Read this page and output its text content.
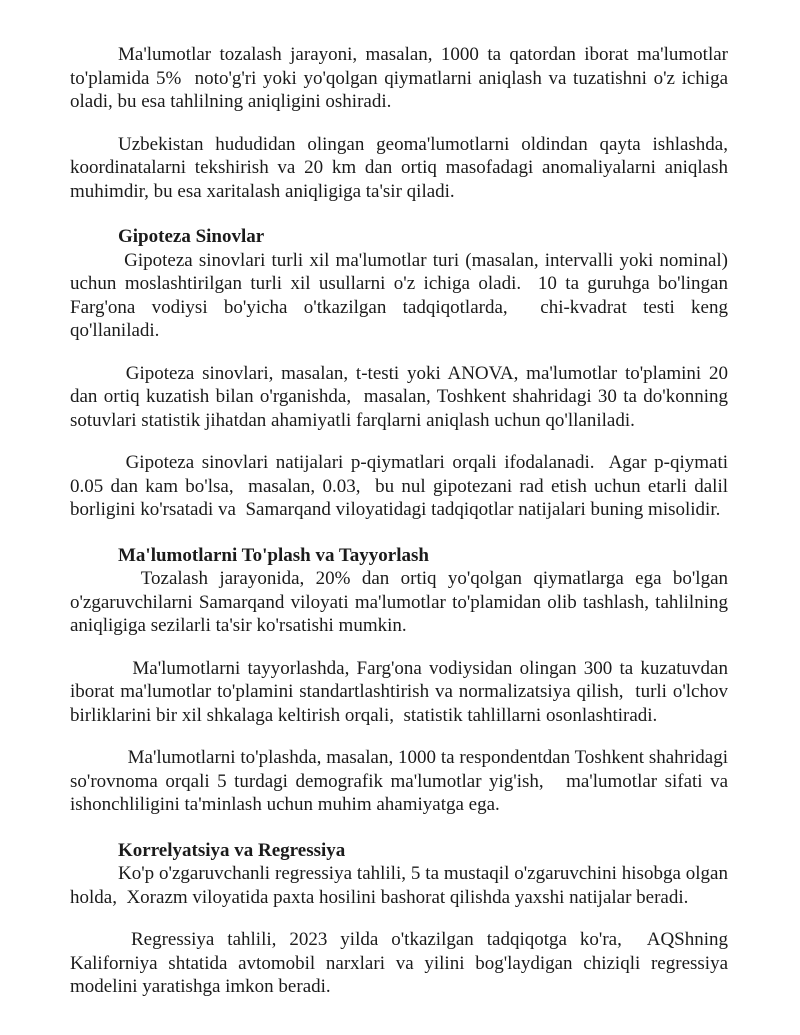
Ma'lumotlar tozalash jarayoni, masalan, 1000 ta qatordan iborat ma'lumotlar to'plamida 5%  noto'g'ri yoki yo'qolgan qiymatlarni aniqlash va tuzatishni o'z ichiga oladi, bu esa tahlilning aniqligini oshiradi.

Uzbekistan hududidan olingan geoma'lumotlarni oldindan qayta ishlashda, koordinatalarni tekshirish va 20 km dan ortiq masofadagi anomaliyalarni aniqlash muhimdir, bu esa xaritalash aniqligiga ta'sir qiladi.

Gipoteza Sinovlar

Gipoteza sinovlari turli xil ma'lumotlar turi (masalan, intervalli yoki nominal) uchun moslashtirilgan turli xil usullarni o'z ichiga oladi.  10 ta guruhga bo'lingan  Farg'ona vodiysi bo'yicha o'tkazilgan tadqiqotlarda,  chi-kvadrat testi keng qo'llaniladi.

Gipoteza sinovlari, masalan, t-testi yoki ANOVA, ma'lumotlar to'plamini 20 dan ortiq kuzatish bilan o'rganishda,  masalan, Toshkent shahridagi 30 ta do'konning sotuvlari statistik jihatdan ahamiyatli farqlarni aniqlash uchun qo'llaniladi.

Gipoteza sinovlari natijalari p-qiymatlari orqali ifodalanadi.  Agar p-qiymati 0.05 dan kam bo'lsa,  masalan, 0.03,  bu nul gipotezani rad etish uchun etarli dalil borligini ko'rsatadi va  Samarqand viloyatidagi tadqiqotlar natijalari buning misolidir.

Ma'lumotlarni To'plash va Tayyorlash

Tozalash jarayonida, 20% dan ortiq yo'qolgan qiymatlarga ega bo'lgan o'zgaruvchilarni Samarqand viloyati ma'lumotlar to'plamidan olib tashlash, tahlilning aniqligiga sezilarli ta'sir ko'rsatishi mumkin.

Ma'lumotlarni tayyorlashda, Farg'ona vodiysidan olingan 300 ta kuzatuvdan iborat ma'lumotlar to'plamini standartlashtirish va normalizatsiya qilish,  turli o'lchov birliklarini bir xil shkalaga keltirish orqali,  statistik tahlillarni osonlashtiradi.

Ma'lumotlarni to'plashda, masalan, 1000 ta respondentdan Toshkent shahridagi so'rovnoma orqali 5 turdagi demografik ma'lumotlar yig'ish,   ma'lumotlar sifati va ishonchliligini ta'minlash uchun muhim ahamiyatga ega.

Korrelyatsiya va Regressiya

Ko'p o'zgaruvchanli regressiya tahlili, 5 ta mustaqil o'zgaruvchini hisobga olgan holda,  Xorazm viloyatida paxta hosilini bashorat qilishda yaxshi natijalar beradi.

Regressiya tahlili, 2023 yilda o'tkazilgan tadqiqotga ko'ra,  AQShning Kaliforniya shtatida avtomobil narxlari va yilini bog'laydigan chiziqli regressiya modelini yaratishga imkon beradi.
